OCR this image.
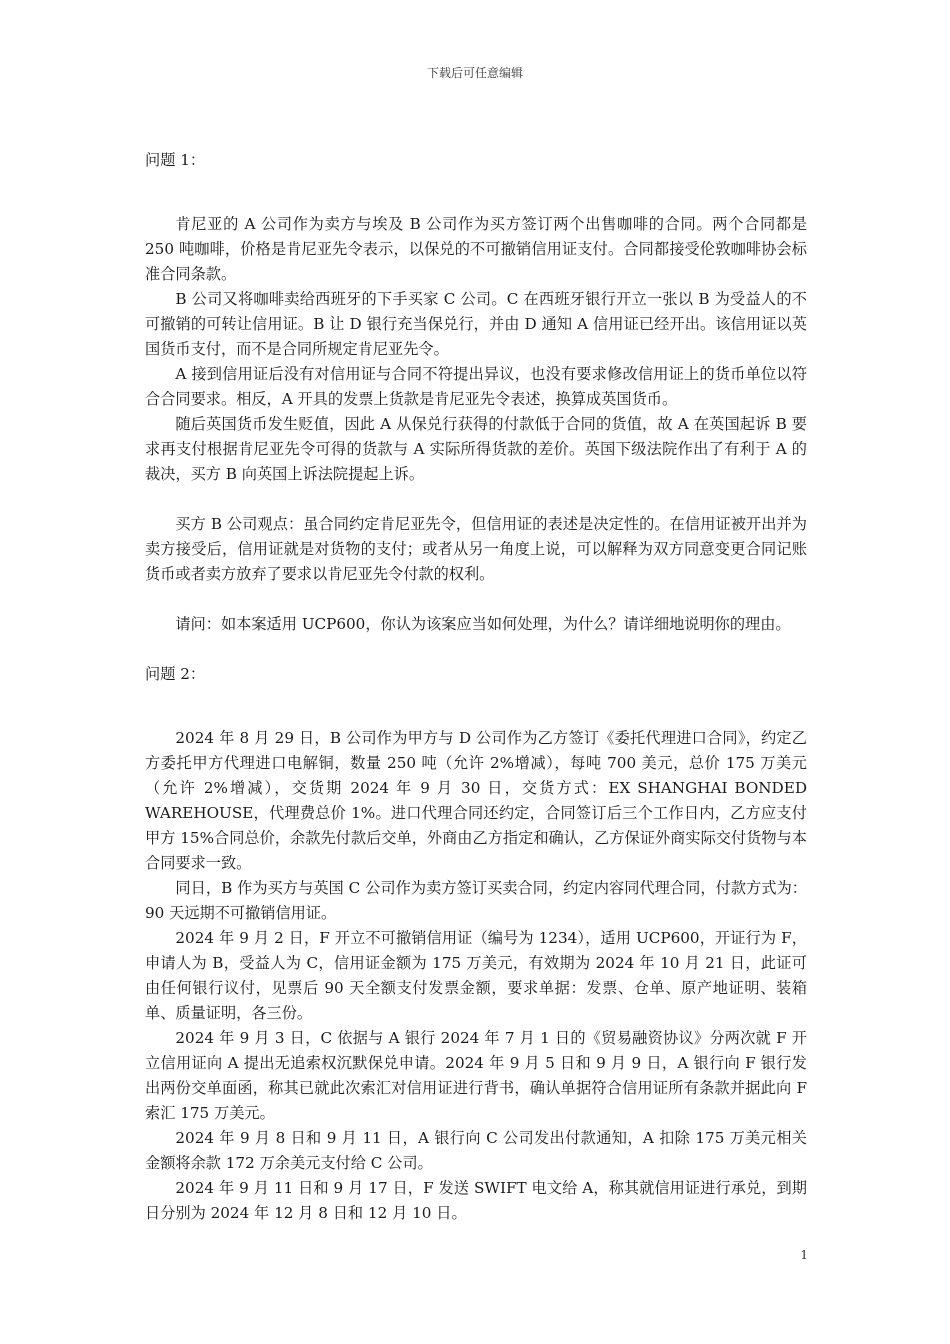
下载后可任意编辑

问题 1：

肯尼亚的 A 公司作为卖方与埃及 B 公司作为买方签订两个出售咖啡的合同。两个合同都是 250 吨咖啡，价格是肯尼亚先令表示，以保兑的不可撤销信用证支付。合同都接受伦敦咖啡协会标准合同条款。

B 公司又将咖啡卖给西班牙的下手买家 C 公司。C 在西班牙银行开立一张以 B 为受益人的不可撤销的可转让信用证。B 让 D 银行充当保兑行，并由 D 通知 A 信用证已经开出。该信用证以英国货币支付，而不是合同所规定肯尼亚先令。

A 接到信用证后没有对信用证与合同不符提出异议，也没有要求修改信用证上的货币单位以符合合同要求。相反，A 开具的发票上货款是肯尼亚先令表述，换算成英国货币。

随后英国货币发生贬值，因此 A 从保兑行获得的付款低于合同的货值，故 A 在英国起诉 B 要求再支付根据肯尼亚先令可得的货款与 A 实际所得货款的差价。英国下级法院作出了有利于 A 的裁决，买方 B 向英国上诉法院提起上诉。

买方 B 公司观点：虽合同约定肯尼亚先令，但信用证的表述是决定性的。在信用证被开出并为卖方接受后，信用证就是对货物的支付；或者从另一角度上说，可以解释为双方同意变更合同记账货币或者卖方放弃了要求以肯尼亚先令付款的权利。

请问：如本案适用 UCP600，你认为该案应当如何处理，为什么？请详细地说明你的理由。

问题 2：

2024 年 8 月 29 日，B 公司作为甲方与 D 公司作为乙方签订《委托代理进口合同》，约定乙方委托甲方代理进口电解铜，数量 250 吨（允许 2%增减），每吨 700 美元，总价 175 万美元（允许 2%增减），交货期 2024 年 9 月 30 日，交货方式：EX SHANGHAI BONDED WAREHOUSE，代理费总价 1%。进口代理合同还约定，合同签订后三个工作日内，乙方应支付甲方 15%合同总价，余款先付款后交单，外商由乙方指定和确认，乙方保证外商实际交付货物与本合同要求一致。

同日，B 作为买方与英国 C 公司作为卖方签订买卖合同，约定内容同代理合同，付款方式为：90 天远期不可撤销信用证。

2024 年 9 月 2 日，F 开立不可撤销信用证（编号为 1234），适用 UCP600，开证行为 F，申请人为 B，受益人为 C，信用证金额为 175 万美元，有效期为 2024 年 10 月 21 日，此证可由任何银行议付，见票后 90 天全额支付发票金额，要求单据：发票、仓单、原产地证明、装箱单、质量证明，各三份。

2024 年 9 月 3 日，C 依据与 A 银行 2024 年 7 月 1 日的《贸易融资协议》分两次就 F 开立信用证向 A 提出无追索权沉默保兑申请。2024 年 9 月 5 日和 9 月 9 日，A 银行向 F 银行发出两份交单面函，称其已就此次索汇对信用证进行背书，确认单据符合信用证所有条款并据此向 F 索汇 175 万美元。

2024 年 9 月 8 日和 9 月 11 日，A 银行向 C 公司发出付款通知，A 扣除 175 万美元相关金额将余款 172 万余美元支付给 C 公司。

2024 年 9 月 11 日和 9 月 17 日，F 发送 SWIFT 电文给 A，称其就信用证进行承兑，到期日分别为 2024 年 12 月 8 日和 12 月 10 日。

1
